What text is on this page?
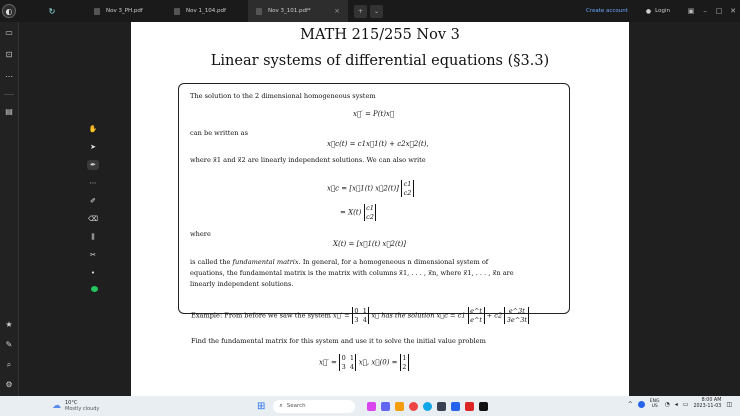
◐	↻	Nov 3_PH.pdf	Nov 1_104.pdf	Nov 3_101.pdf*	×	+	⌄	Create account	● Login	▣	–	□	✕
▭
⊡
⋯
▤
★
✎
⌕
⚙
✋
➤
✒
⋯
✐
⌫
⫼
✂
•
MATH 215/255 Nov 3
Linear systems of differential equations (§3.3)
The solution to the 2 dimensional homogeneous system
x⃗′ = P(t)x⃗
can be written as
x⃗c(t) = c1x⃗1(t) + c2x⃗2(t),
where x⃗1 and x⃗2 are linearly independent solutions. We can also write
x⃗c = [x⃗1(t) x⃗2(t)] c1
c2
= X(t) c1
c2
where
X(t) = [x⃗1(t) x⃗2(t)]
is called the fundamental matrix. In general, for a homogeneous n dimensional system of
equations, the fundamental matrix is the matrix with columns x⃗1, . . . , x⃗n, where x⃗1, . . . , x⃗n are
linearly independent solutions.
Example: From before we saw the system x⃗′ = 0 1
3 4 x⃗ has the solution x⃗c = c1 e^t
e^t + c2 e^3t
3e^3t
Find the fundamental matrix for this system and use it to solve the initial value problem
x⃗′ = 0 1
3 4 x⃗, x⃗(0) = 1
2
☁ 10°C
Mostly cloudy	⊞ ⌕ Search	^	ENG
US ◔ ◂ ▭	8:00 AM
2023-11-03 ◫
